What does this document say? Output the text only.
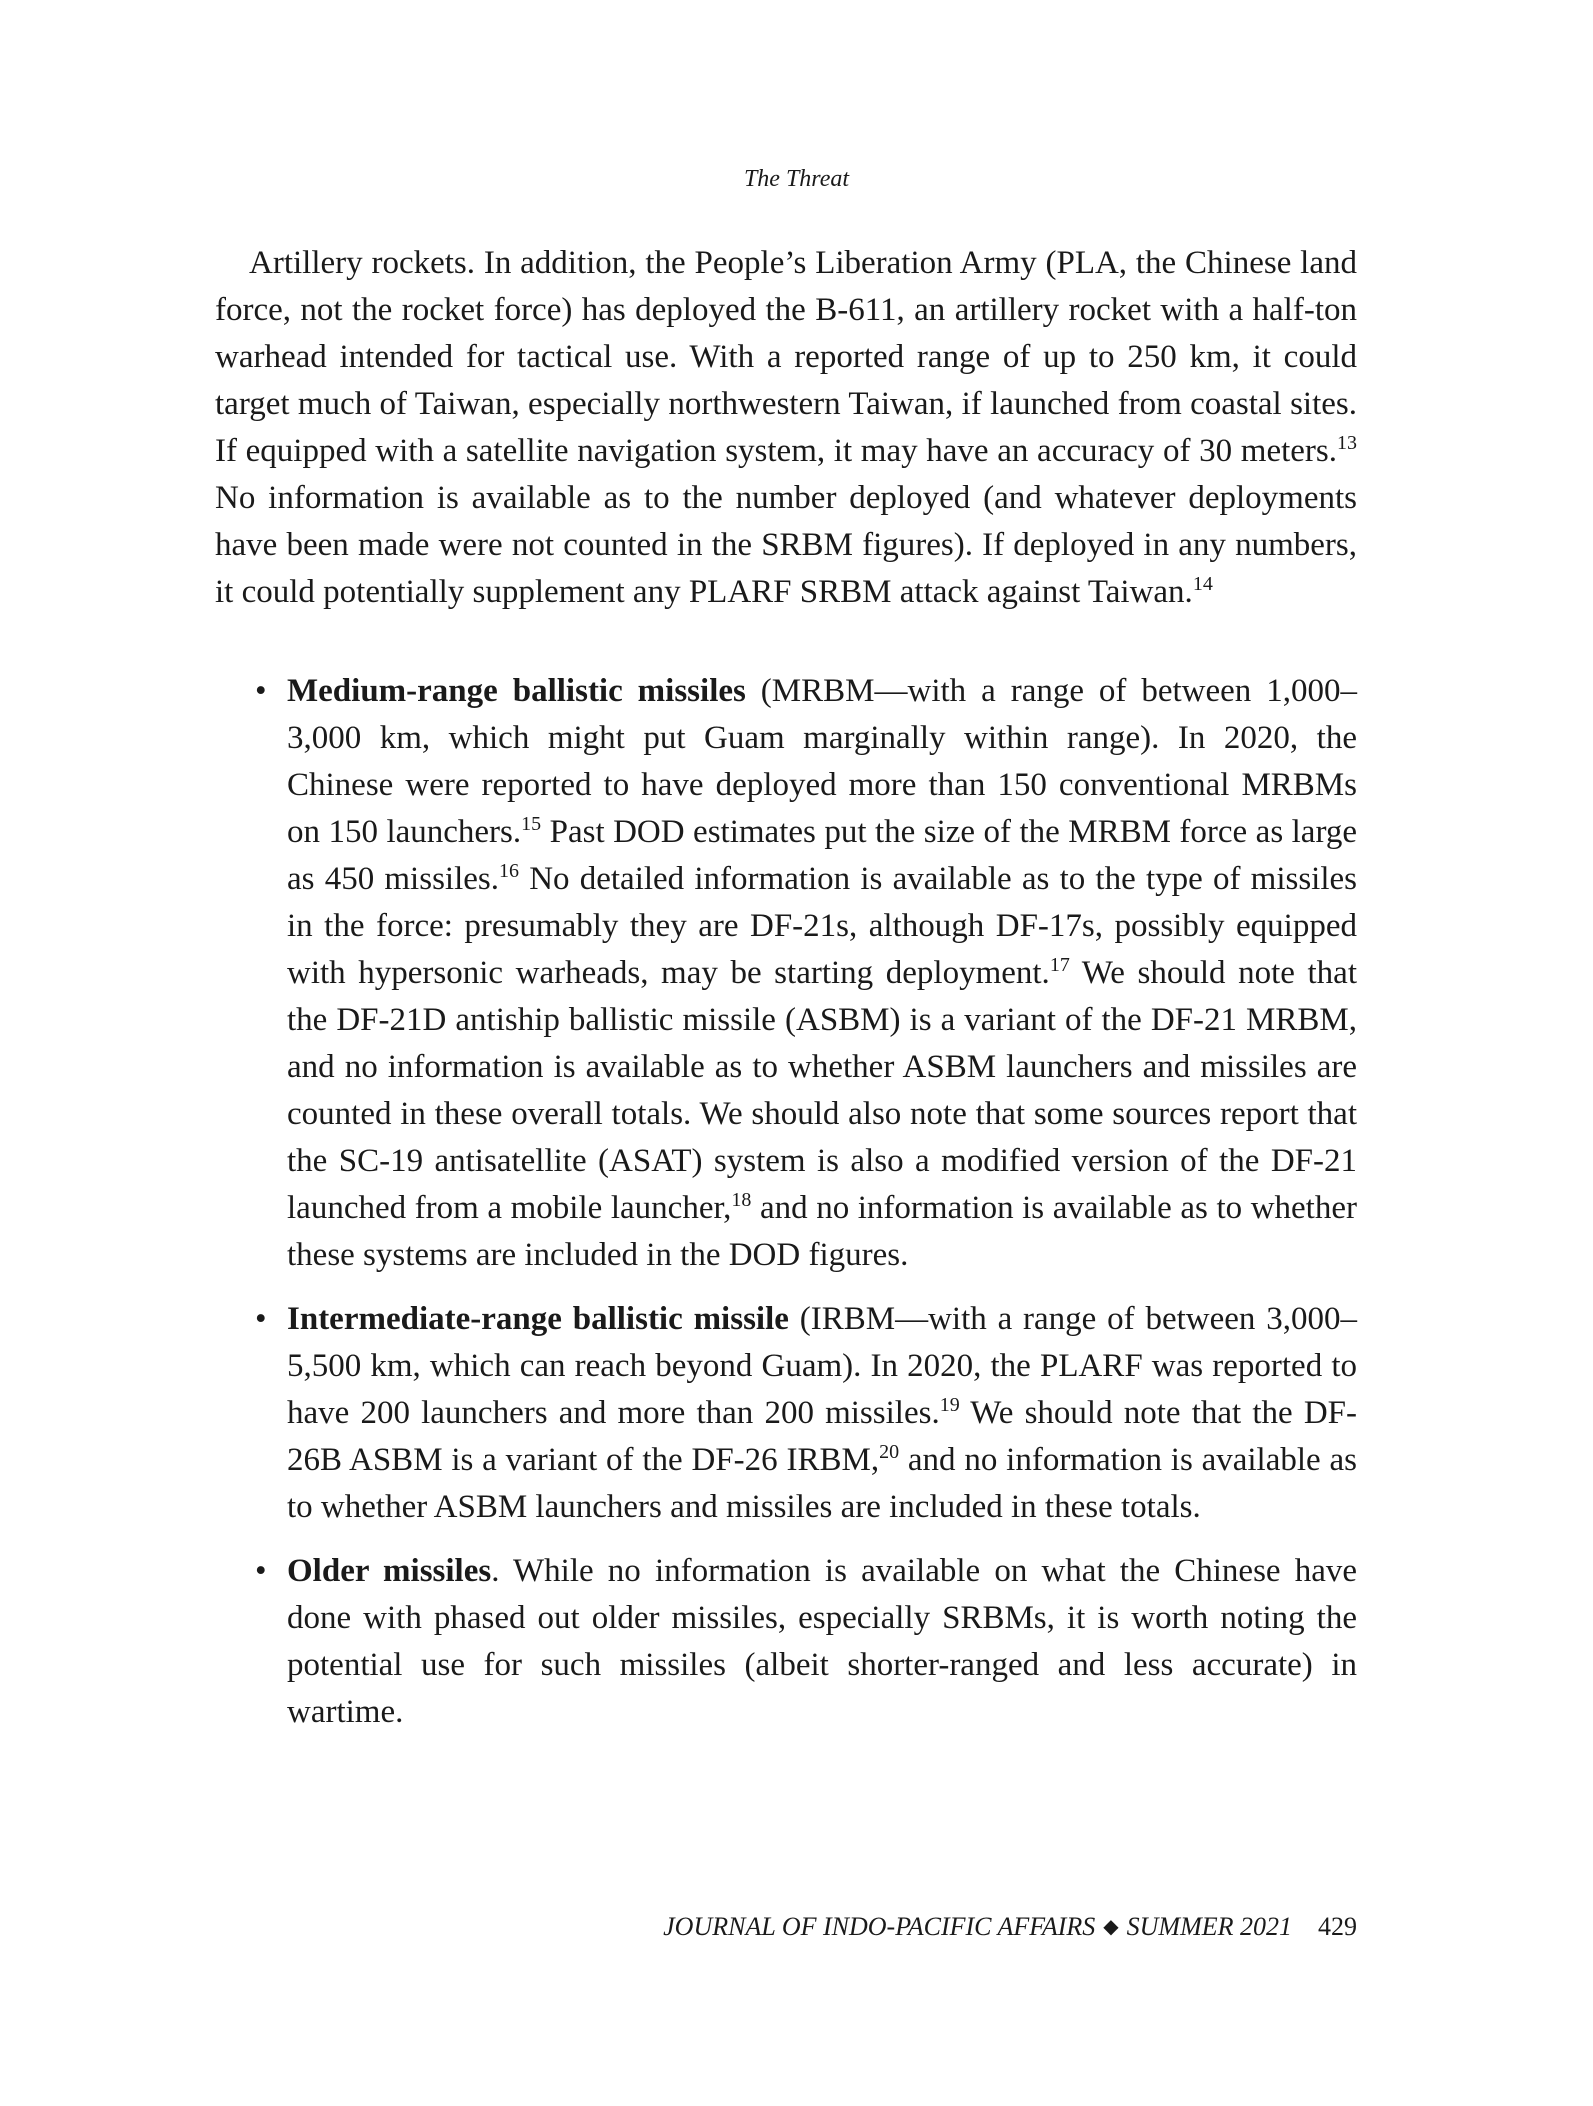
The Threat

Artillery rockets. In addition, the People’s Liberation Army (PLA, the Chinese land force, not the rocket force) has deployed the B-611, an artillery rocket with a half-ton warhead intended for tactical use. With a reported range of up to 250 km, it could target much of Taiwan, especially northwestern Taiwan, if launched from coastal sites. If equipped with a satellite navigation system, it may have an accuracy of 30 meters.$^{13}$ No information is available as to the number deployed (and whatever deployments have been made were not counted in the SRBM figures). If deployed in any numbers, it could potentially supplement any PLARF SRBM attack against Taiwan.$^{14}$

• Medium-range ballistic missiles (MRBM—with a range of between 1,000–3,000 km, which might put Guam marginally within range). In 2020, the Chinese were reported to have deployed more than 150 conventional MRBMs on 150 launchers.$^{15}$ Past DOD estimates put the size of the MRBM force as large as 450 missiles.$^{16}$ No detailed information is available as to the type of missiles in the force: presumably they are DF-21s, although DF-17s, possibly equipped with hypersonic warheads, may be starting deployment.$^{17}$ We should note that the DF-21D antiship ballistic missile (ASBM) is a variant of the DF-21 MRBM, and no information is available as to whether ASBM launchers and missiles are counted in these overall totals. We should also note that some sources report that the SC-19 antisatellite (ASAT) system is also a modified version of the DF-21 launched from a mobile launcher,$^{18}$ and no information is available as to whether these systems are included in the DOD figures.
• Intermediate-range ballistic missile (IRBM—with a range of between 3,000–5,500 km, which can reach beyond Guam). In 2020, the PLARF was reported to have 200 launchers and more than 200 missiles.$^{19}$ We should note that the DF-26B ASBM is a variant of the DF-26 IRBM,$^{20}$ and no information is available as to whether ASBM launchers and missiles are included in these totals.
• Older missiles. While no information is available on what the Chinese have done with phased out older missiles, especially SRBMs, it is worth noting the potential use for such missiles (albeit shorter-ranged and less accurate) in wartime.
JOURNAL OF INDO-PACIFIC AFFAIRS ◆ SUMMER 2021 429
